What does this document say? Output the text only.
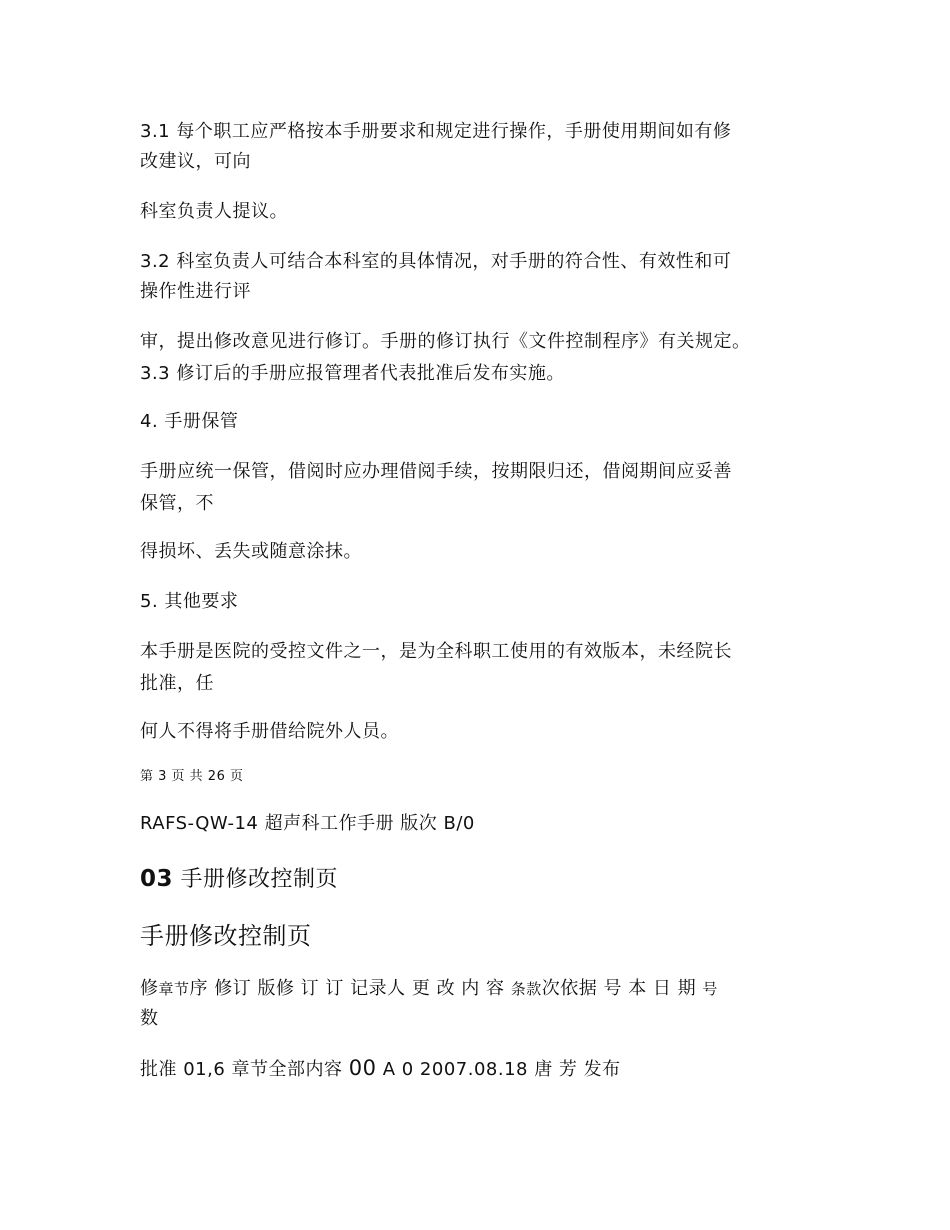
3.1 每个职工应严格按本手册要求和规定进行操作，手册使用期间如有修
改建议，可向
科室负责人提议。
3.2 科室负责人可结合本科室的具体情况，对手册的符合性、有效性和可
操作性进行评
审，提出修改意见进行修订。手册的修订执行《文件控制程序》有关规定。
3.3 修订后的手册应报管理者代表批准后发布实施。
4. 手册保管
手册应统一保管，借阅时应办理借阅手续，按期限归还，借阅期间应妥善
保管，不
得损坏、丢失或随意涂抹。
5. 其他要求
本手册是医院的受控文件之一，是为全科职工使用的有效版本，未经院长
批准，任
何人不得将手册借给院外人员。
第 3 页 共 26 页
RAFS-QW-14 超声科工作手册 版次 B/0
03 手册修改控制页
手册修改控制页
修章节序 修订 版修 订 订 记录人 更 改 内 容 条款次依据 号 本 日 期 号
数
批准 01,6 章节全部内容 00 A 0 2007.08.18 唐 芳 发布
